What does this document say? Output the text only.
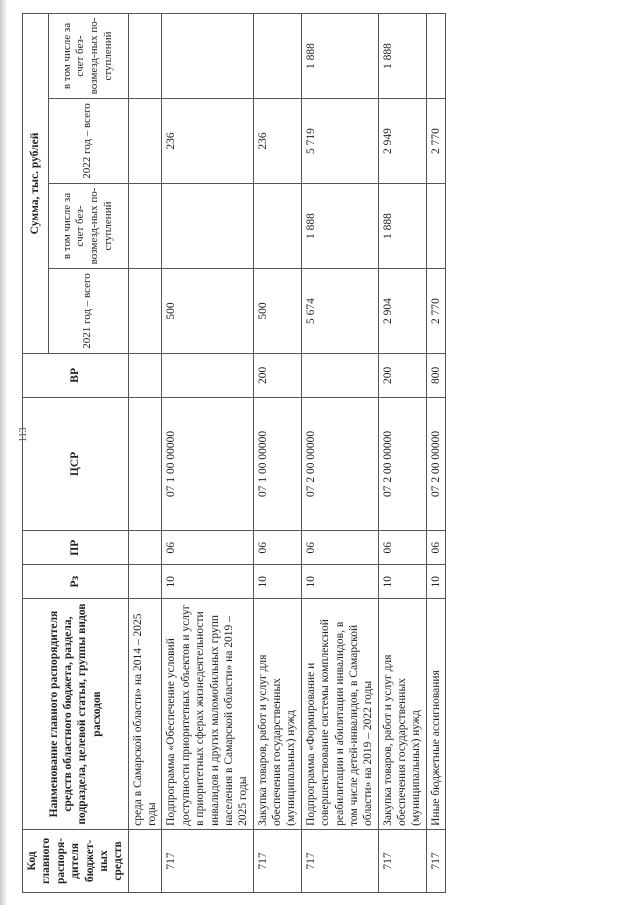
113
Код главного распоря-дителя бюджет-ных средств	Наименование главного распорядителя средств областного бюджета, раздела, подраздела, целевой статьи, группы видов расходов	Рз	ПР	ЦСР	ВР	Сумма, тыс. рублей			
						2021 год – всего	в том числе за счет без-возмезд-ных по-ступлений	2022 год – всего	в том числе за счет без-возмезд-ных по-ступлений
	среда в Самарской области» на 2014 – 2025 годы								
717	Подпрограмма «Обеспечение условий доступности приоритетных объектов и услуг в приоритетных сферах жизнедеятельности инвалидов и других маломобильных групп населения в Самарской области» на 2019 – 2025 годы	10	06	07 1 00 00000		500		236	
717	Закупка товаров, работ и услуг для обеспечения государственных (муниципальных) нужд	10	06	07 1 00 00000	200	500		236	
717	Подпрограмма «Формирование и совершенствование системы комплексной реабилитации и абилитации инвалидов, в том числе детей-инвалидов, в Самарской области» на 2019 – 2022 годы	10	06	07 2 00 00000		5 674	1 888	5 719	1 888
717	Закупка товаров, работ и услуг для обеспечения государственных (муниципальных) нужд	10	06	07 2 00 00000	200	2 904	1 888	2 949	1 888
717	Иные бюджетные ассигнования	10	06	07 2 00 00000	800	2 770		2 770	
